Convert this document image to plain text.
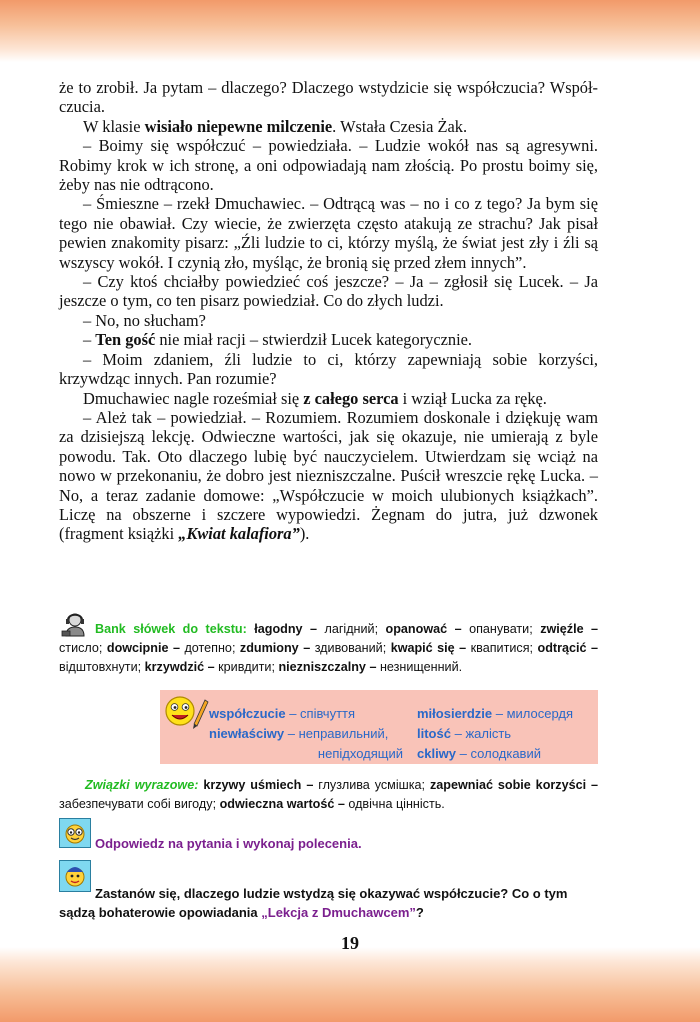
że to zrobił. Ja pytam – dlaczego? Dlaczego wstydzicie się współczucia? Współ-czucia.

W klasie wisiało niepewne milczenie. Wstała Czesia Żak.

– Boimy się współczuć – powiedziała. – Ludzie wokół nas są agresywni. Robimy krok w ich stronę, a oni odpowiadają nam złością. Po prostu boimy się, żeby nas nie odtrącono.

– Śmieszne – rzekł Dmuchawiec. – Odtrącą was – no i co z tego? Ja bym się tego nie obawiał. Czy wiecie, że zwierzęta często atakują ze strachu? Jak pisał pewien znakomity pisarz: „Źli ludzie to ci, którzy myślą, że świat jest zły i źli są wszyscy wokół. I czynią zło, myśląc, że bronią się przed złem innych”.

– Czy ktoś chciałby powiedzieć coś jeszcze? – Ja – zgłosił się Lucek. – Ja jeszcze o tym, co ten pisarz powiedział. Co do złych ludzi.

– No, no słucham?

– Ten gość nie miał racji – stwierdził Lucek kategorycznie.

– Moim zdaniem, źli ludzie to ci, którzy zapewniają sobie korzyści, krzywdząc innych. Pan rozumie?

Dmuchawiec nagle roześmiał się z całego serca i wziął Lucka za rękę.

– Ależ tak – powiedział. – Rozumiem. Rozumiem doskonale i dziękuję wam za dzisiejszą lekcję. Odwieczne wartości, jak się okazuje, nie umierają z byle powodu. Tak. Oto dlaczego lubię być nauczycielem. Utwierdzam się wciąż na nowo w przekonaniu, że dobro jest niezniszczalne. Puścił wreszcie rękę Lucka. – No, a teraz zadanie domowe: „Współczucie w moich ulubionych książkach”. Liczę na obszerne i szczere wypowiedzi. Żegnam do jutra, już dzwonek (fragment książki „Kwiat kalafiora”).

Bank słówek do tekstu: łagodny – лагідний; opanować – опанувати; zwięźle – стисло; dowcipnie – дотепно; zdumiony – здивований; kwapić się – квапитися; odtrącić – відштовхнути; krzywdzić – кривдити; niezniszczalny – незнищенний.

współczucie – співчуття	miłosierdzie – милосердя
niewłaściwy – неправильний,	litość – жалість
непідходящий	ckliwy – солодкавий

Związki wyrazowe: krzywy uśmiech – глузлива усмішка; zapewniać sobie korzyści – забезпечувати собі вигоду; odwieczna wartość – одвічна цінність.

Odpowiedz na pytania i wykonaj polecenia.
Zastanów się, dlaczego ludzie wstydzą się okazywać współczucie? Co o tym sądzą bohaterowie opowiadania „Lekcja z Dmuchawcem”?
19
